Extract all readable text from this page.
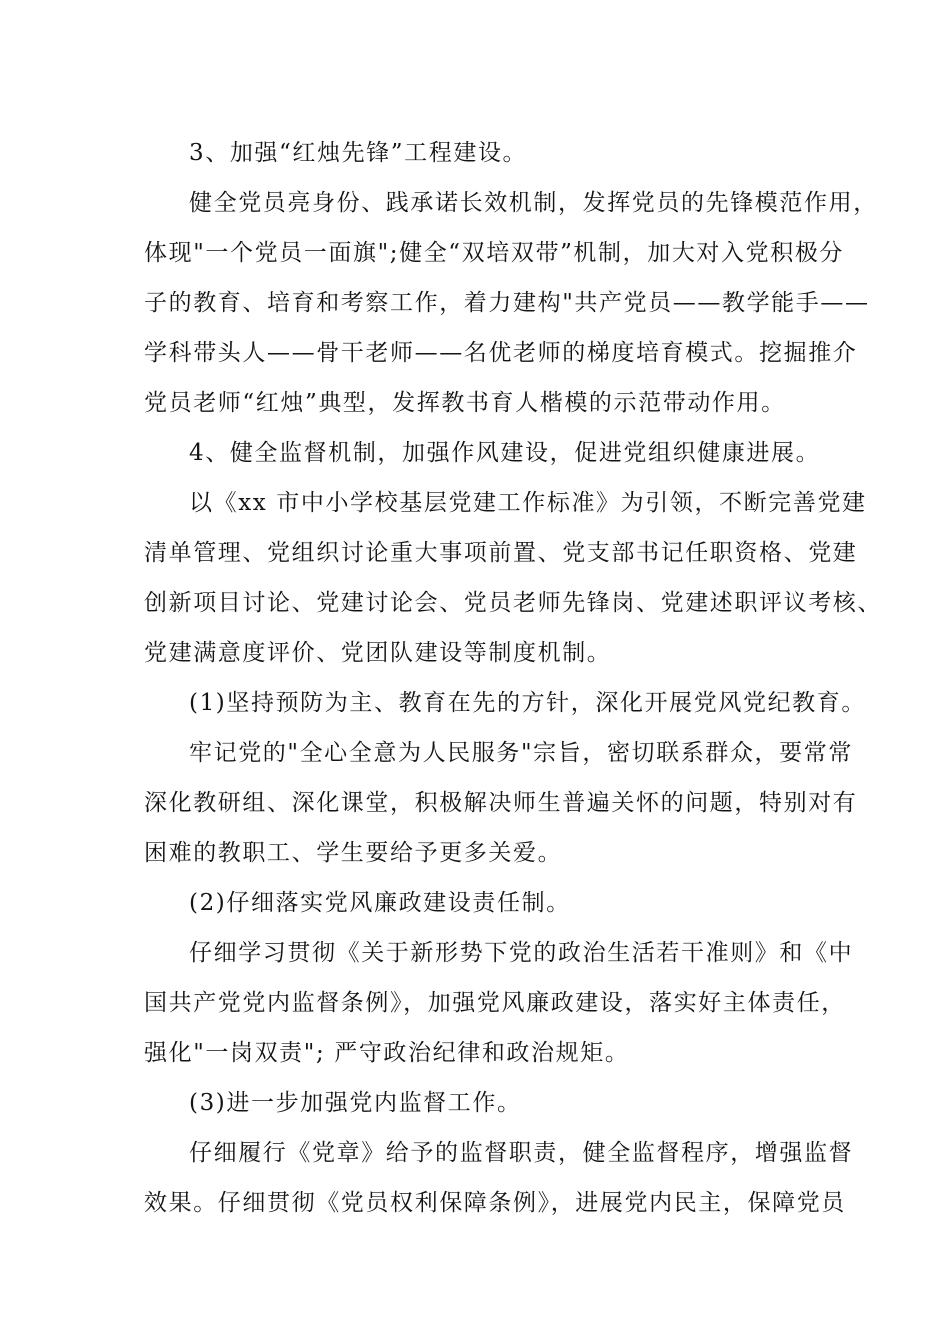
3、加强“红烛先锋”工程建设。
健全党员亮身份、践承诺长效机制，发挥党员的先锋模范作用，
体现"一个党员一面旗";健全“双培双带”机制，加大对入党积极分
子的教育、培育和考察工作，着力建构"共产党员——教学能手——
学科带头人——骨干老师——名优老师的梯度培育模式。挖掘推介
党员老师“红烛”典型，发挥教书育人楷模的示范带动作用。
4、健全监督机制，加强作风建设，促进党组织健康进展。
以《xx 市中小学校基层党建工作标准》为引领，不断完善党建
清单管理、党组织讨论重大事项前置、党支部书记任职资格、党建
创新项目讨论、党建讨论会、党员老师先锋岗、党建述职评议考核、
党建满意度评价、党团队建设等制度机制。
(1)坚持预防为主、教育在先的方针，深化开展党风党纪教育。
牢记党的"全心全意为人民服务"宗旨，密切联系群众，要常常
深化教研组、深化课堂，积极解决师生普遍关怀的问题，特别对有
困难的教职工、学生要给予更多关爱。
(2)仔细落实党风廉政建设责任制。
仔细学习贯彻《关于新形势下党的政治生活若干准则》和《中
国共产党党内监督条例》，加强党风廉政建设，落实好主体责任，
强化"一岗双责"; 严守政治纪律和政治规矩。
(3)进一步加强党内监督工作。
仔细履行《党章》给予的监督职责，健全监督程序，增强监督
效果。仔细贯彻《党员权利保障条例》，进展党内民主，保障党员
